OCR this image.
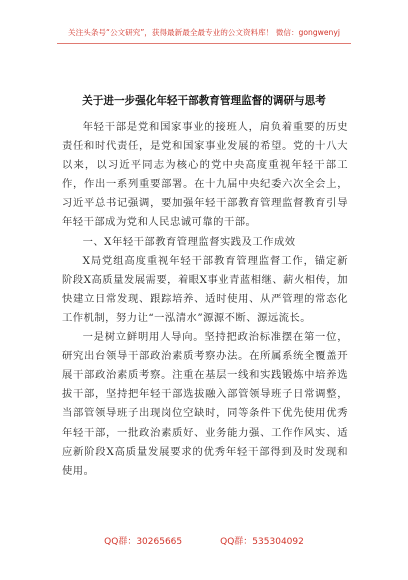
关注头条号“公文研究”，获得最新最全最专业的公文资料库！ 微信：gongwenyj
关于进一步强化年轻干部教育管理监督的调研与思考

年轻干部是党和国家事业的接班人，肩负着重要的历史责任和时代责任，是党和国家事业发展的希望。党的十八大以来，以习近平同志为核心的党中央高度重视年轻干部工作，作出一系列重要部署。在十九届中央纪委六次全会上，习近平总书记强调，要加强年轻干部教育管理监督教育引导年轻干部成为党和人民忠诚可靠的干部。

一、X年轻干部教育管理监督实践及工作成效

X局党组高度重视年轻干部教育管理监督工作，锚定新阶段X高质量发展需要，着眼X事业青蓝相继、薪火相传，加快建立日常发现、跟踪培养、适时使用、从严管理的常态化工作机制，努力让“一泓清水”源源不断、源远流长。

一是树立鲜明用人导向。坚持把政治标准摆在第一位，研究出台领导干部政治素质考察办法。在所属系统全覆盖开展干部政治素质考察。注重在基层一线和实践锻炼中培养选拔干部，坚持把年轻干部选拔融入部管领导班子日常调整，当部管领导班子出现岗位空缺时，同等条件下优先使用优秀年轻干部，一批政治素质好、业务能力强、工作作风实、适应新阶段X高质量发展要求的优秀年轻干部得到及时发现和使用。

QQ群：30265665	QQ群：535304092
